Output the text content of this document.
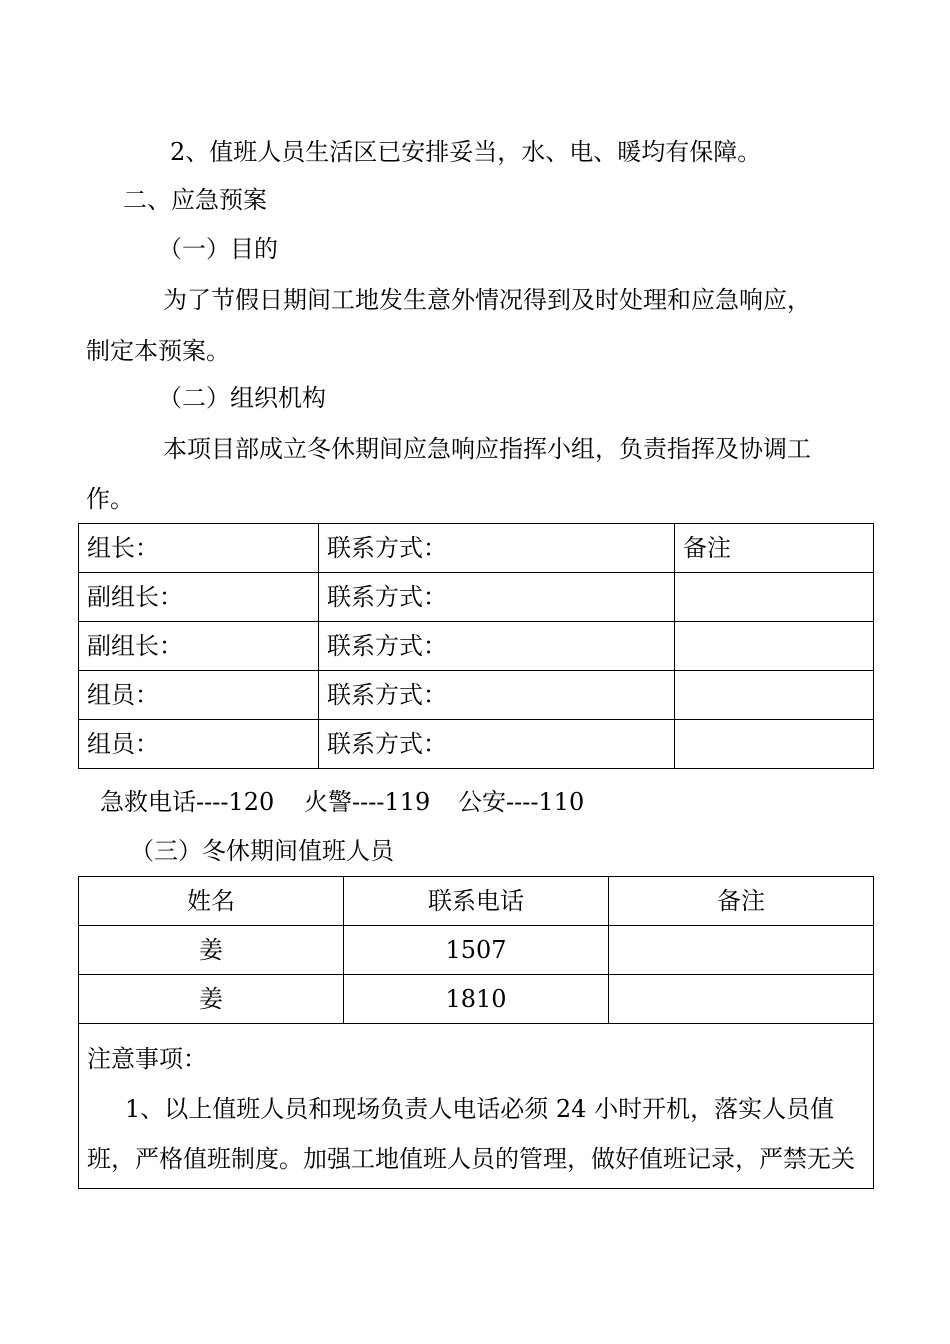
2、值班人员生活区已安排妥当，水、电、暖均有保障。
二、应急预案
（一）目的
为了节假日期间工地发生意外情况得到及时处理和应急响应，
制定本预案。
（二）组织机构
本项目部成立冬休期间应急响应指挥小组，负责指挥及协调工
作。
组长：	联系方式：	备注
副组长：	联系方式：	
副组长：	联系方式：	
组员：	联系方式：	
组员：	联系方式：	
急救电话----120 火警----119 公安----110
（三）冬休期间值班人员
姓名	联系电话	备注
姜	1507	
姜	1810	

注意事项：
1、以上值班人员和现场负责人电话必须 24 小时开机，落实人员值
班，严格值班制度。加强工地值班人员的管理，做好值班记录，严禁无关		
